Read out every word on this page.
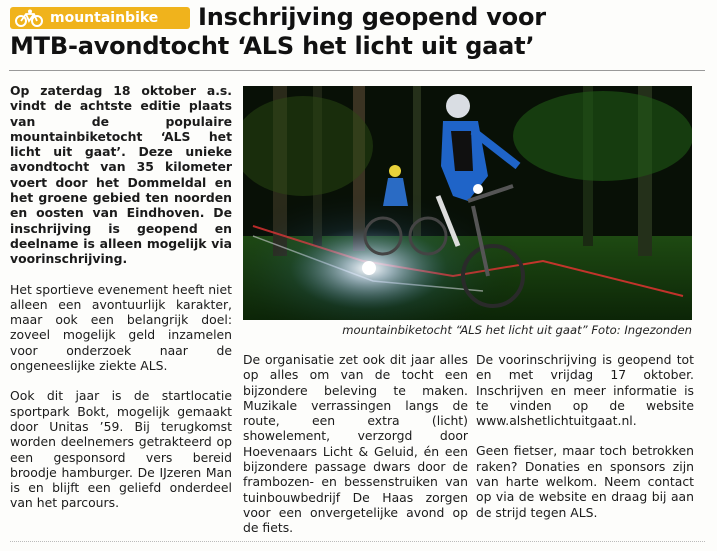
mountainbike	Inschrijving geopend voor
MTB-avondtocht ‘ALS het licht uit gaat’

Op zaterdag 18 oktober a.s. vindt de achtste editie plaats van de populaire mountainbiketocht ‘ALS het licht uit gaat’. Deze unieke avondtocht van 35 kilometer voert door het Dommeldal en het groene gebied ten noorden en oosten van Eindhoven. De inschrijving is geopend en deelname is alleen mogelijk via voorinschrijving.

Het sportieve evenement heeft niet alleen een avontuurlijk karakter, maar ook een belangrijk doel: zoveel mogelijk geld inzamelen voor onderzoek naar de ongeneeslijke ziekte ALS.

Ook dit jaar is de startlocatie sportpark Bokt, mogelijk gemaakt door Unitas ’59. Bij terugkomst worden deelnemers getrakteerd op een gesponsord vers bereid broodje hamburger. De IJzeren Man is en blijft een geliefd onderdeel van het parcours.

mountainbiketocht “ALS het licht uit gaat” Foto: Ingezonden

De organisatie zet ook dit jaar alles op alles om van de tocht een bijzondere beleving te maken. Muzikale verrassingen langs de route, een extra (licht) showelement, verzorgd door Hoevenaars Licht & Geluid, én een bijzondere passage dwars door de frambozen- en bessenstruiken van tuinbouwbedrijf De Haas zorgen voor een onvergetelijke avond op de fiets.

De voorinschrijving is geopend tot en met vrijdag 17 oktober. Inschrijven en meer informatie is te vinden op de website www.alshetlichtuitgaat.nl.

Geen fietser, maar toch betrokken raken? Donaties en sponsors zijn van harte welkom. Neem contact op via de website en draag bij aan de strijd tegen ALS.
